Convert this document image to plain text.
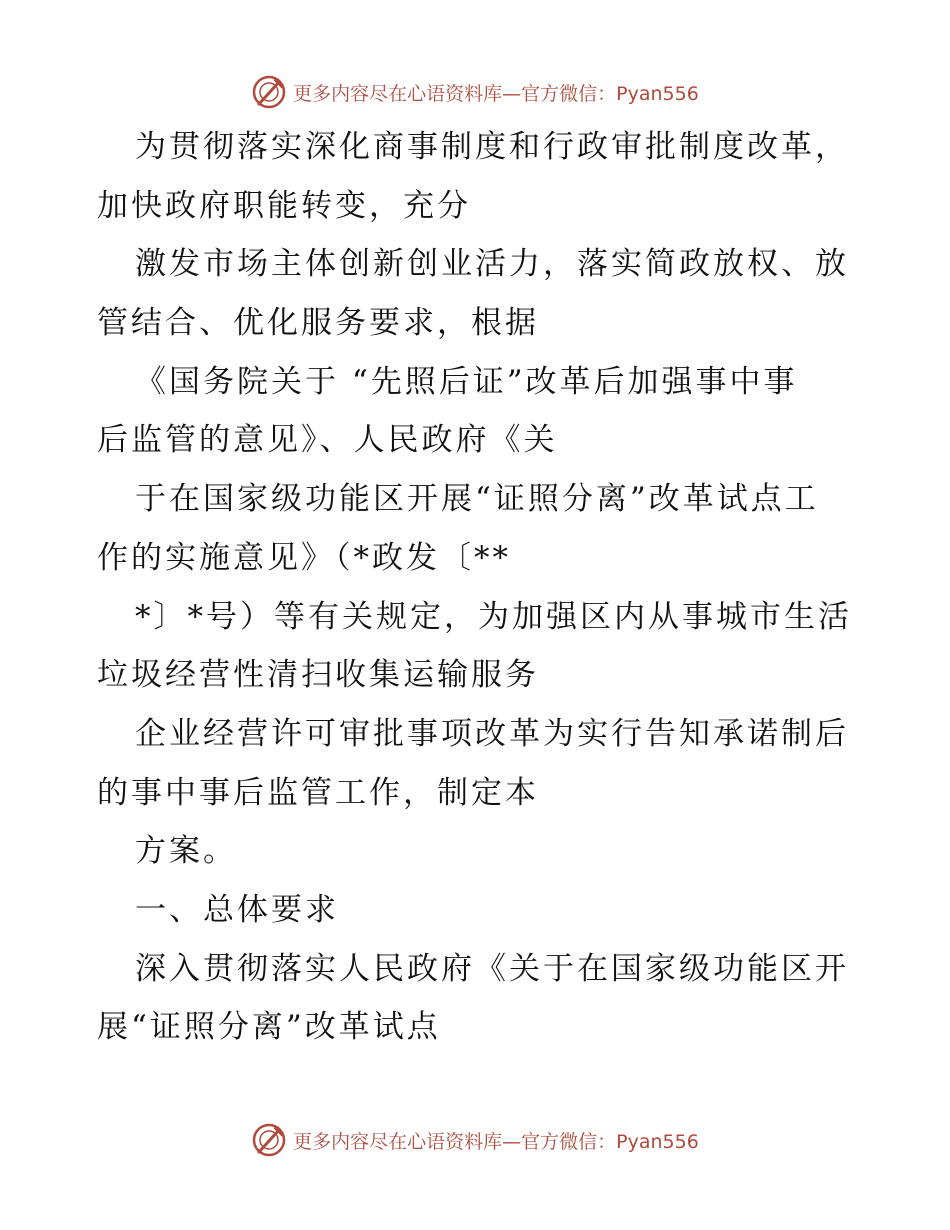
更多内容尽在心语资料库—官方微信：Pyan556
为贯彻落实深化商事制度和行政审批制度改革，
加快政府职能转变，充分
激发市场主体创新创业活力，落实简政放权、放
管结合、优化服务要求，根据
《国务院关于 “先照后证”改革后加强事中事
后监管的意见》、人民政府《关
于在国家级功能区开展“证照分离”改革试点工
作的实施意见》（*政发〔**
*〕*号）等有关规定，为加强区内从事城市生活
垃圾经营性清扫收集运输服务
企业经营许可审批事项改革为实行告知承诺制后
的事中事后监管工作，制定本
方案。
一、总体要求
深入贯彻落实人民政府《关于在国家级功能区开
展“证照分离”改革试点
更多内容尽在心语资料库—官方微信：Pyan556
